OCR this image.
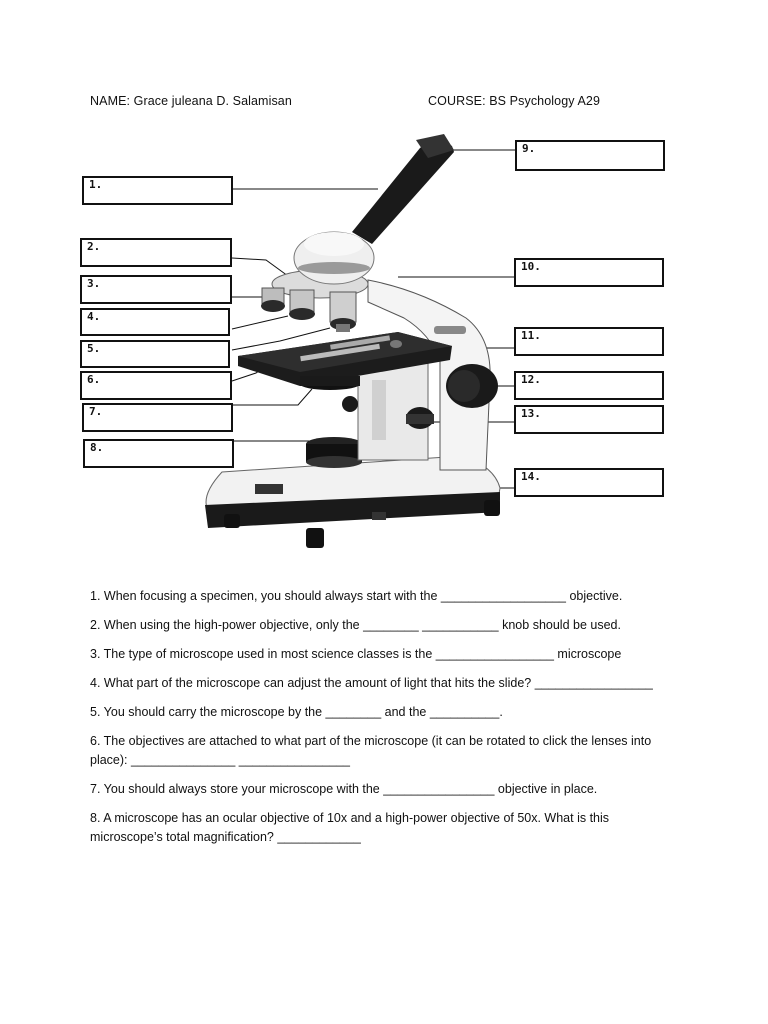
NAME: Grace juleana D. Salamisan	COURSE: BS Psychology A29
1.
2.
3.
4.
5.
6.
7.
8.
9.
10.
11.
12.
13.
14.

1. When focusing a specimen, you should always start with the __________________ objective.

2. When using the high-power objective, only the ________ ___________ knob should be used.

3. The type of microscope used in most science classes is the _________________ microscope

4. What part of the microscope can adjust the amount of light that hits the slide? _________________

5. You should carry the microscope by the ________ and the __________.

6. The objectives are attached to what part of the microscope (it can be rotated to click the lenses into place): _______________ ________________

7. You should always store your microscope with the ________________ objective in place.

8. A microscope has an ocular objective of 10x and a high-power objective of 50x. What is this microscope’s total magnification? ____________
